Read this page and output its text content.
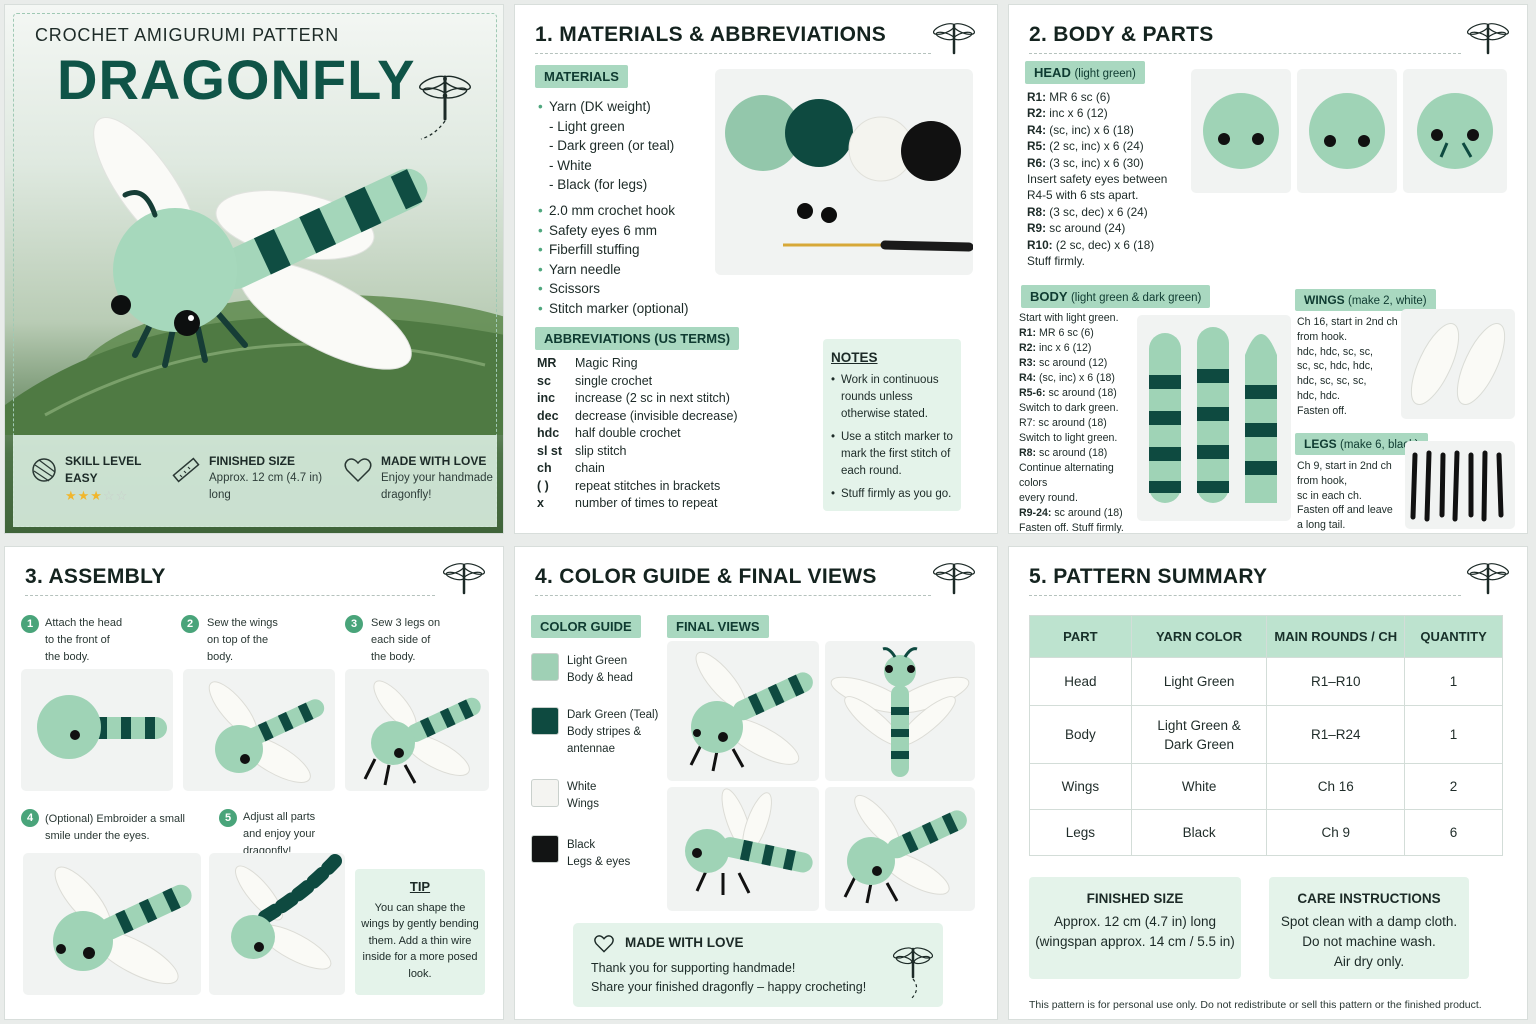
CROCHET AMIGURUMI PATTERN
DRAGONFLY
SKILL LEVEL
EASY
★★★☆☆
FINISHED SIZE
Approx. 12 cm (4.7 in)
long
MADE WITH LOVE
Enjoy your handmade
dragonfly!
1. MATERIALS & ABBREVIATIONS
MATERIALS
• Yarn (DK weight)
- Light green
- Dark green (or teal)
- White
- Black (for legs)
• 2.0 mm crochet hook
• Safety eyes 6 mm
• Fiberfill stuffing
• Yarn needle
• Scissors
• Stitch marker (optional)
ABBREVIATIONS (US TERMS)
MR	Magic Ring
sc	single crochet
inc	increase (2 sc in next stitch)
dec	decrease (invisible decrease)
hdc	half double crochet
sl st	slip stitch
ch	chain
( )	repeat stitches in brackets
x	number of times to repeat
NOTES
• Work in continuous rounds unless otherwise stated.
• Use a stitch marker to mark the first stitch of each round.
• Stuff firmly as you go.
2. BODY & PARTS
HEAD (light green)
R1: MR 6 sc (6)
R2: inc x 6 (12)
R4: (sc, inc) x 6 (18)
R5: (2 sc, inc) x 6 (24)
R6: (3 sc, inc) x 6 (30)
Insert safety eyes between R4-5 with 6 sts apart.
R8: (3 sc, dec) x 6 (24)
R9: sc around (24)
R10: (2 sc, dec) x 6 (18)
Stuff firmly.
BODY (light green & dark green)
Start with light green.
R1: MR 6 sc (6)
R2: inc x 6 (12)
R3: sc around (12)
R4: (sc, inc) x 6 (18)
R5-6: sc around (18)
Switch to dark green.
R7: sc around (18)
Switch to light green.
R8: sc around (18)
Continue alternating colors
every round.
R9-24: sc around (18)
Fasten off. Stuff firmly.
WINGS (make 2, white)
Ch 16, start in 2nd ch
from hook.
hdc, hdc, sc, sc,
sc, sc, hdc, hdc,
hdc, sc, sc, sc,
hdc, hdc.
Fasten off.
LEGS (make 6, black)
Ch 9, start in 2nd ch
from hook,
sc in each ch.
Fasten off and leave
a long tail.
3. ASSEMBLY
1	Attach the head
to the front of
the body.
2	Sew the wings
on top of the
body.
3	Sew 3 legs on
each side of
the body.
4	(Optional) Embroider a small
smile under the eyes.
5	Adjust all parts
and enjoy your
dragonfly!
TIP
You can shape the wings by gently bending them. Add a thin wire inside for a more posed look.
4. COLOR GUIDE & FINAL VIEWS
COLOR GUIDE	FINAL VIEWS
Light Green
Body & head
Dark Green (Teal)
Body stripes &
antennae
White
Wings
Black
Legs & eyes
MADE WITH LOVE
Thank you for supporting handmade!
Share your finished dragonfly – happy crocheting!
5. PATTERN SUMMARY
PART	YARN COLOR	MAIN ROUNDS / CH	QUANTITY
Head	Light Green	R1–R10	1
Body	Light Green & Dark Green	R1–R24	1
Wings	White	Ch 16	2
Legs	Black	Ch 9	6
FINISHED SIZE
Approx. 12 cm (4.7 in) long
(wingspan approx. 14 cm / 5.5 in)
CARE INSTRUCTIONS
Spot clean with a damp cloth.
Do not machine wash.
Air dry only.
This pattern is for personal use only. Do not redistribute or sell this pattern or the finished product.
